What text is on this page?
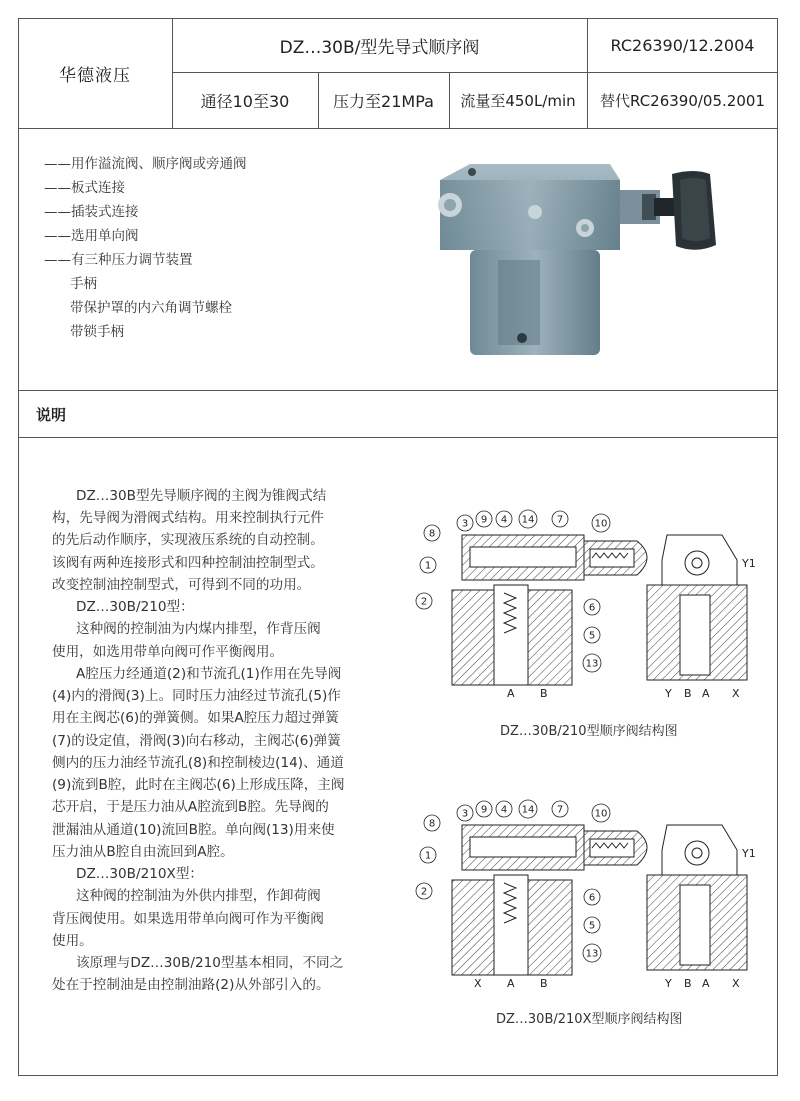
华德液压
DZ…30B/型先导式顺序阀	RC26390/12.2004
通径10至30	压力至21MPa	流量至450L/min	替代RC26390/05.2001
——用作溢流阀、顺序阀或旁通阀
——板式连接
——插装式连接
——选用单向阀
——有三种压力调节装置
手柄
带保护罩的内六角调节螺栓
带锁手柄
说明
DZ…30B型先导顺序阀的主阀为锥阀式结
构，先导阀为滑阀式结构。用来控制执行元件
的先后动作顺序，实现液压系统的自动控制。
该阀有两种连接形式和四种控制油控制型式。
改变控制油控制型式，可得到不同的功用。
DZ…30B/210型：
这种阀的控制油为内煤内排型，作背压阀
使用，如选用带单向阀可作平衡阀用。
A腔压力经通道(2)和节流孔(1)作用在先导阀
(4)内的滑阀(3)上。同时压力油经过节流孔(5)作
用在主阀芯(6)的弹簧侧。如果A腔压力超过弹簧
(7)的设定值，滑阀(3)向右移动，主阀芯(6)弹簧
侧内的压力油经节流孔(8)和控制棱边(14)、通道
(9)流到B腔，此时在主阀芯(6)上形成压降，主阀
芯开启，于是压力油从A腔流到B腔。先导阀的
泄漏油从通道(10)流回B腔。单向阀(13)用来使
压力油从B腔自由流回到A腔。
DZ…30B/210X型：
这种阀的控制油为外供内排型，作卸荷阀
背压阀使用。如果选用带单向阀可作为平衡阀
使用。
该原理与DZ…30B/210型基本相同，不同之
处在于控制油是由控制油路(2)从外部引入的。
8
3 9 4 14 7	10
1
2
6
5
13
A B	Y B A X
Y1
DZ…30B/210型顺序阀结构图
8
3 9 4 14 7	10
1
2
6
5
13
X A B	Y B A X
Y1
DZ…30B/210X型顺序阀结构图
